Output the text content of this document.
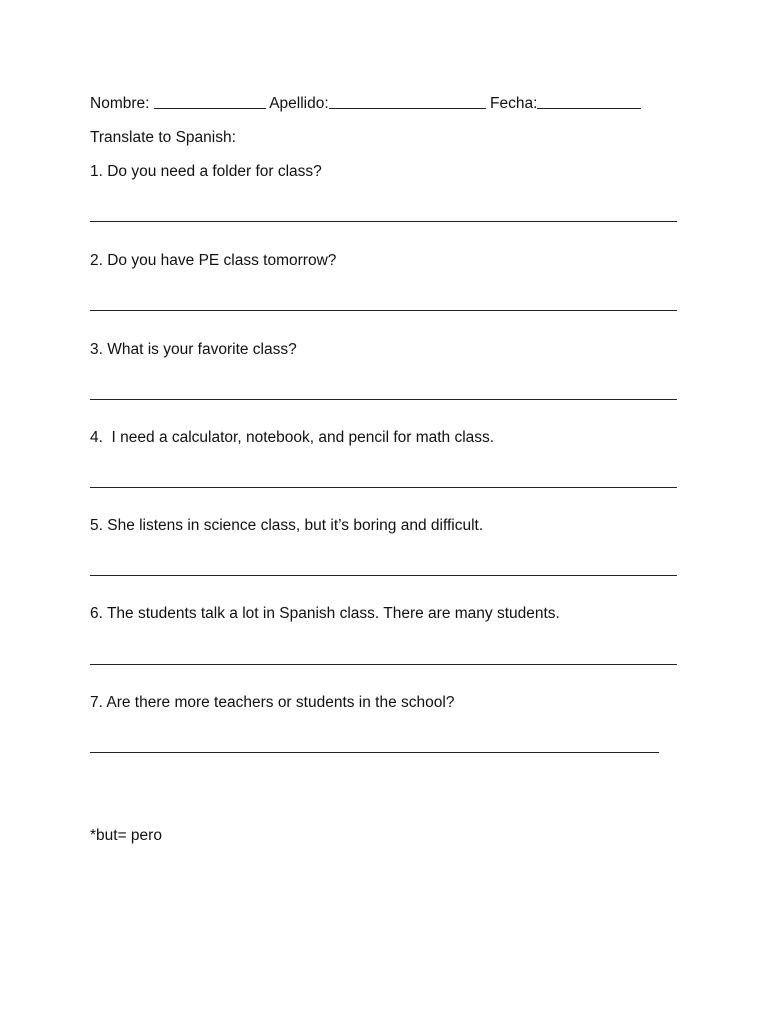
Nombre:	Apellido:	Fecha:
Translate to Spanish:
1. Do you need a folder for class?
2. Do you have PE class tomorrow?
3. What is your favorite class?
4.  I need a calculator, notebook, and pencil for math class.
5. She listens in science class, but it’s boring and difficult.
6. The students talk a lot in Spanish class. There are many students.
7. Are there more teachers or students in the school?
*but= pero
